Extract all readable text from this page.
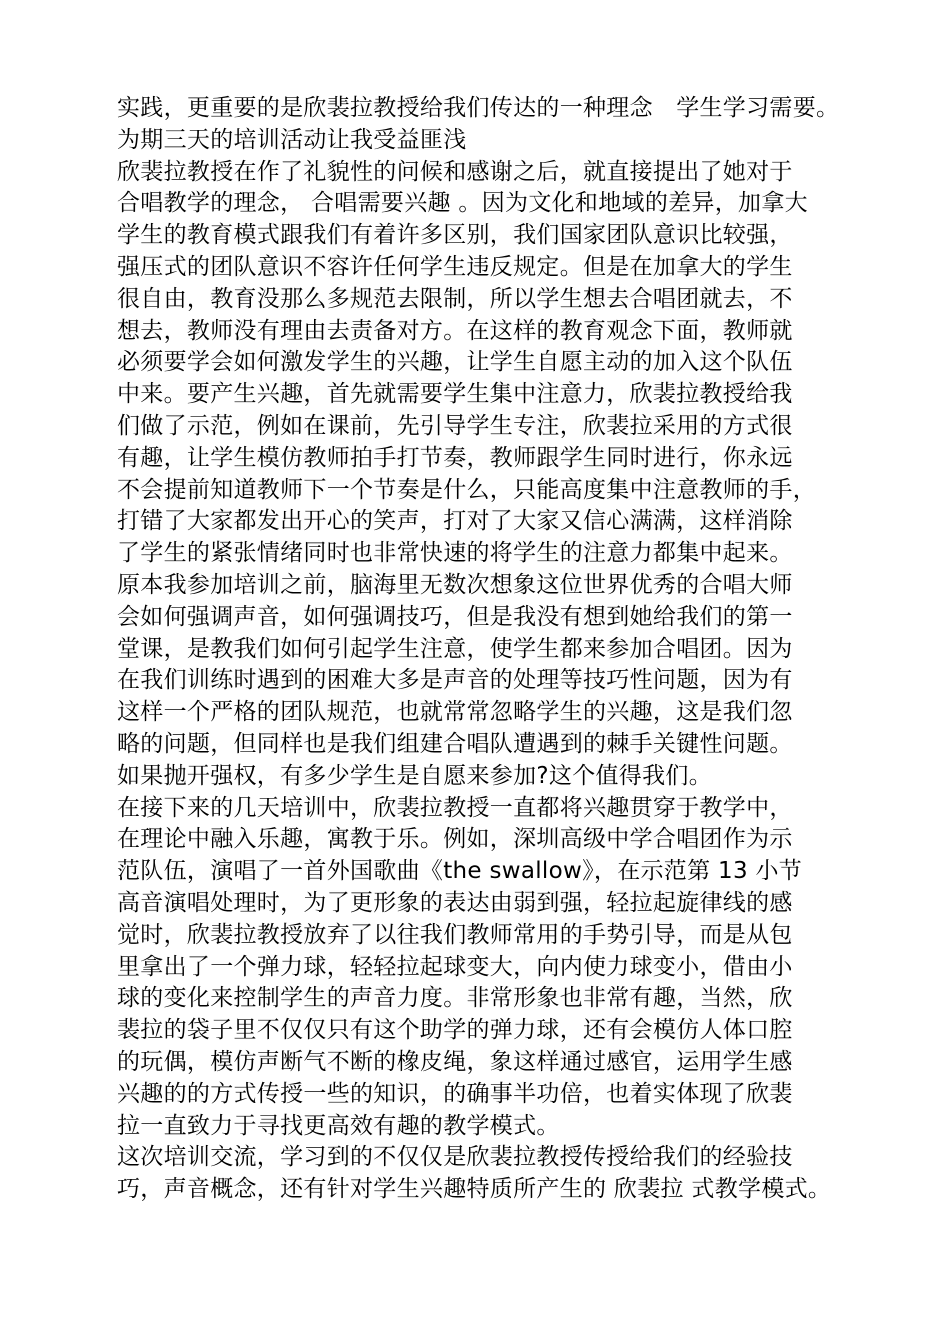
实践，更重要的是欣裴拉教授给我们传达的一种理念　学生学习需要。
为期三天的培训活动让我受益匪浅
欣裴拉教授在作了礼貌性的问候和感谢之后，就直接提出了她对于
合唱教学的理念， 合唱需要兴趣 。因为文化和地域的差异，加拿大
学生的教育模式跟我们有着许多区别，我们国家团队意识比较强，
强压式的团队意识不容许任何学生违反规定。但是在加拿大的学生
很自由，教育没那么多规范去限制，所以学生想去合唱团就去，不
想去，教师没有理由去责备对方。在这样的教育观念下面，教师就
必须要学会如何激发学生的兴趣，让学生自愿主动的加入这个队伍
中来。要产生兴趣，首先就需要学生集中注意力，欣裴拉教授给我
们做了示范，例如在课前，先引导学生专注，欣裴拉采用的方式很
有趣，让学生模仿教师拍手打节奏，教师跟学生同时进行，你永远
不会提前知道教师下一个节奏是什么，只能高度集中注意教师的手，
打错了大家都发出开心的笑声，打对了大家又信心满满，这样消除
了学生的紧张情绪同时也非常快速的将学生的注意力都集中起来。
原本我参加培训之前，脑海里无数次想象这位世界优秀的合唱大师
会如何强调声音，如何强调技巧，但是我没有想到她给我们的第一
堂课，是教我们如何引起学生注意，使学生都来参加合唱团。因为
在我们训练时遇到的困难大多是声音的处理等技巧性问题，因为有
这样一个严格的团队规范，也就常常忽略学生的兴趣，这是我们忽
略的问题，但同样也是我们组建合唱队遭遇到的棘手关键性问题。
如果抛开强权，有多少学生是自愿来参加?这个值得我们。
在接下来的几天培训中，欣裴拉教授一直都将兴趣贯穿于教学中，
在理论中融入乐趣，寓教于乐。例如，深圳高级中学合唱团作为示
范队伍，演唱了一首外国歌曲《the swallow》，在示范第 13 小节
高音演唱处理时，为了更形象的表达由弱到强，轻拉起旋律线的感
觉时，欣裴拉教授放弃了以往我们教师常用的手势引导，而是从包
里拿出了一个弹力球，轻轻拉起球变大，向内使力球变小，借由小
球的变化来控制学生的声音力度。非常形象也非常有趣，当然，欣
裴拉的袋子里不仅仅只有这个助学的弹力球，还有会模仿人体口腔
的玩偶，模仿声断气不断的橡皮绳，象这样通过感官，运用学生感
兴趣的的方式传授一些的知识，的确事半功倍，也着实体现了欣裴
拉一直致力于寻找更高效有趣的教学模式。
这次培训交流，学习到的不仅仅是欣裴拉教授传授给我们的经验技
巧，声音概念，还有针对学生兴趣特质所产生的 欣裴拉 式教学模式。
